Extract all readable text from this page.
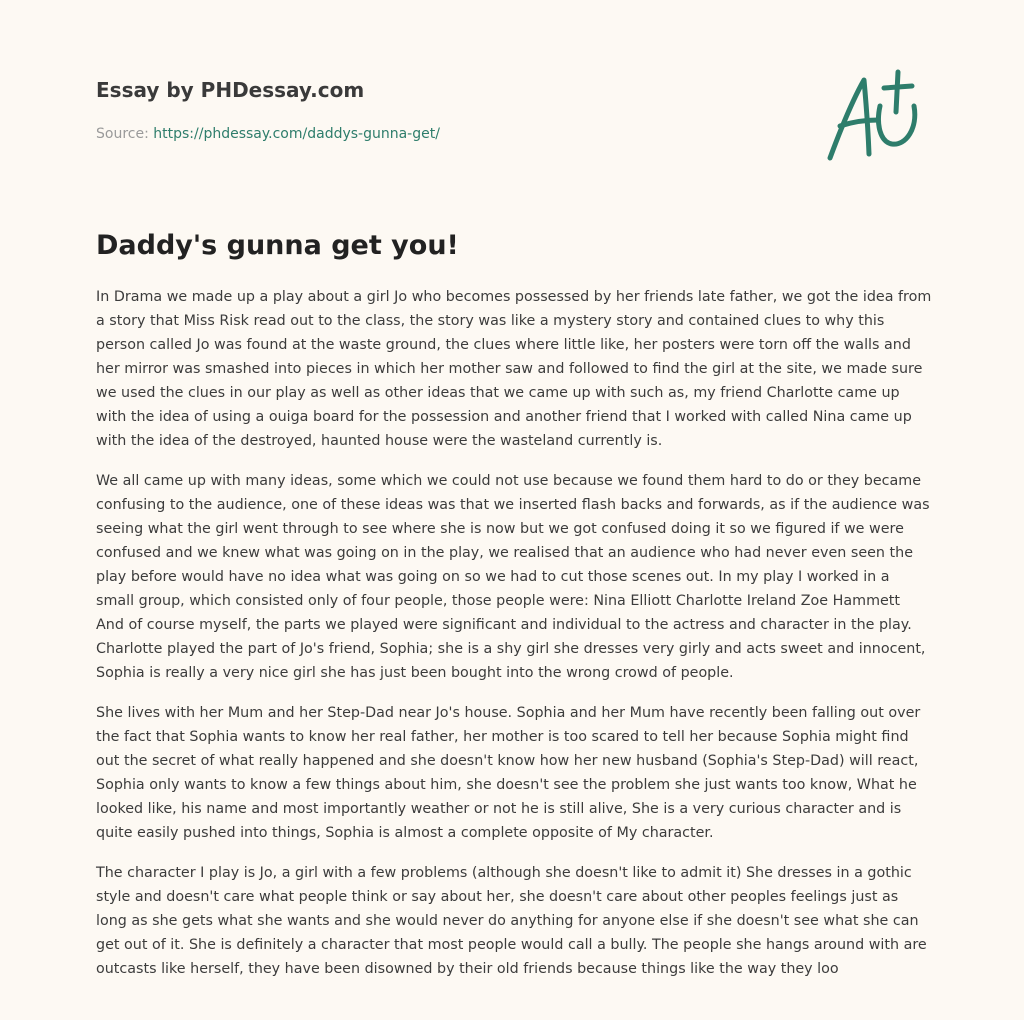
Essay by PHDessay.com
Source: https://phdessay.com/daddys-gunna-get/
Daddy's gunna get you!

In Drama we made up a play about a girl Jo who becomes possessed by her friends late father, we got the idea from a story that Miss Risk read out to the class, the story was like a mystery story and contained clues to why this person called Jo was found at the waste ground, the clues where little like, her posters were torn off the walls and her mirror was smashed into pieces in which her mother saw and followed to find the girl at the site, we made sure we used the clues in our play as well as other ideas that we came up with such as, my friend Charlotte came up with the idea of using a ouiga board for the possession and another friend that I worked with called Nina came up with the idea of the destroyed, haunted house were the wasteland currently is.

We all came up with many ideas, some which we could not use because we found them hard to do or they became confusing to the audience, one of these ideas was that we inserted flash backs and forwards, as if the audience was seeing what the girl went through to see where she is now but we got confused doing it so we figured if we were confused and we knew what was going on in the play, we realised that an audience who had never even seen the play before would have no idea what was going on so we had to cut those scenes out. In my play I worked in a small group, which consisted only of four people, those people were: Nina Elliott Charlotte Ireland Zoe Hammett And of course myself, the parts we played were significant and individual to the actress and character in the play. Charlotte played the part of Jo's friend, Sophia; she is a shy girl she dresses very girly and acts sweet and innocent, Sophia is really a very nice girl she has just been bought into the wrong crowd of people.

She lives with her Mum and her Step-Dad near Jo's house. Sophia and her Mum have recently been falling out over the fact that Sophia wants to know her real father, her mother is too scared to tell her because Sophia might find out the secret of what really happened and she doesn't know how her new husband (Sophia's Step-Dad) will react, Sophia only wants to know a few things about him, she doesn't see the problem she just wants too know, What he looked like, his name and most importantly weather or not he is still alive, She is a very curious character and is quite easily pushed into things, Sophia is almost a complete opposite of My character.

The character I play is Jo, a girl with a few problems (although she doesn't like to admit it) She dresses in a gothic style and doesn't care what people think or say about her, she doesn't care about other peoples feelings just as long as she gets what she wants and she would never do anything for anyone else if she doesn't see what she can get out of it. She is definitely a character that most people would call a bully. The people she hangs around with are outcasts like herself, they have been disowned by their old friends because things like the way they loo
